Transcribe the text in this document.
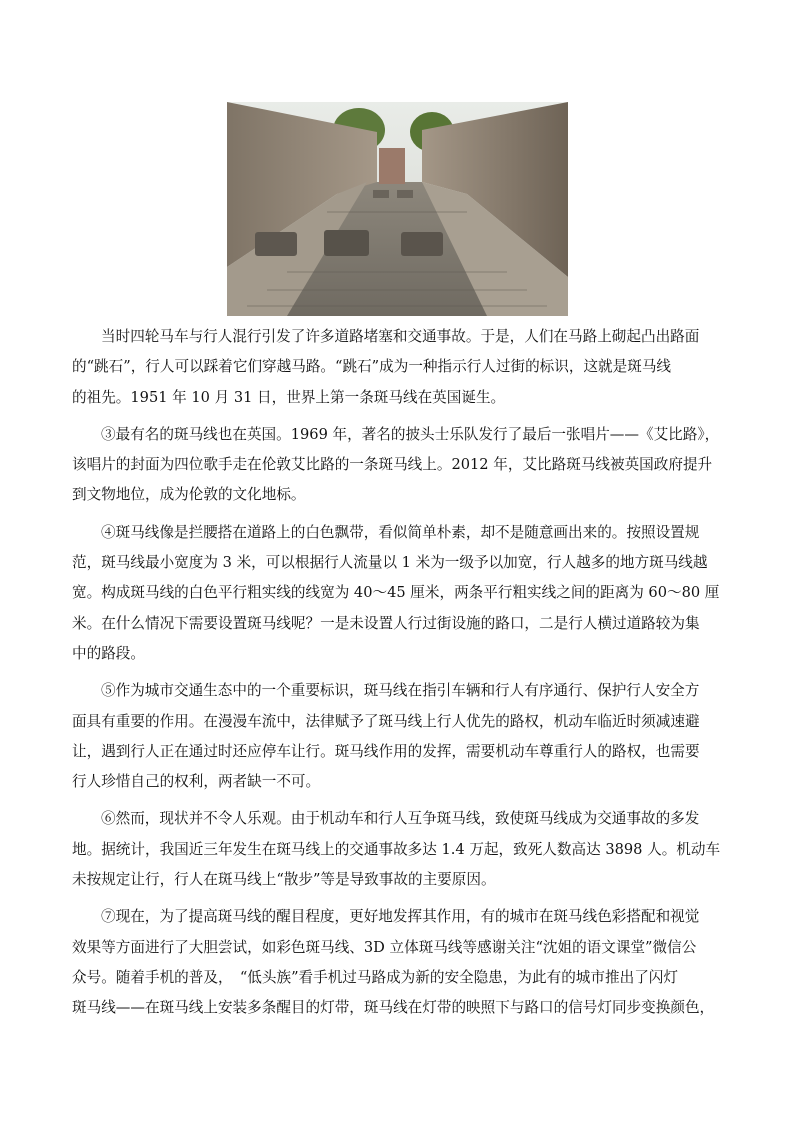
当时四轮马车与行人混行引发了许多道路堵塞和交通事故。于是，人们在马路上砌起凸出路面
的“跳石”，行人可以踩着它们穿越马路。“跳石”成为一种指示行人过街的标识，这就是斑马线
的祖先。1951 年 10 月 31 日，世界上第一条斑马线在英国诞生。

③最有名的斑马线也在英国。1969 年，著名的披头士乐队发行了最后一张唱片——《艾比路》，
该唱片的封面为四位歌手走在伦敦艾比路的一条斑马线上。2012 年，艾比路斑马线被英国政府提升
到文物地位，成为伦敦的文化地标。

④斑马线像是拦腰搭在道路上的白色飘带，看似简单朴素，却不是随意画出来的。按照设置规
范，斑马线最小宽度为 3 米，可以根据行人流量以 1 米为一级予以加宽，行人越多的地方斑马线越
宽。构成斑马线的白色平行粗实线的线宽为 40～45 厘米，两条平行粗实线之间的距离为 60～80 厘
米。在什么情况下需要设置斑马线呢？一是未设置人行过街设施的路口，二是行人横过道路较为集
中的路段。

⑤作为城市交通生态中的一个重要标识，斑马线在指引车辆和行人有序通行、保护行人安全方
面具有重要的作用。在漫漫车流中，法律赋予了斑马线上行人优先的路权，机动车临近时须减速避
让，遇到行人正在通过时还应停车让行。斑马线作用的发挥，需要机动车尊重行人的路权，也需要
行人珍惜自己的权利，两者缺一不可。

⑥然而，现状并不令人乐观。由于机动车和行人互争斑马线，致使斑马线成为交通事故的多发
地。据统计，我国近三年发生在斑马线上的交通事故多达 1.4 万起，致死人数高达 3898 人。机动车
未按规定让行，行人在斑马线上“散步”等是导致事故的主要原因。

⑦现在，为了提高斑马线的醒目程度，更好地发挥其作用，有的城市在斑马线色彩搭配和视觉
效果等方面进行了大胆尝试，如彩色斑马线、3D 立体斑马线等感谢关注“沈姐的语文课堂”微信公
众号。随着手机的普及，　“低头族”看手机过马路成为新的安全隐患，为此有的城市推出了闪灯
斑马线——在斑马线上安装多条醒目的灯带，斑马线在灯带的映照下与路口的信号灯同步变换颜色，
